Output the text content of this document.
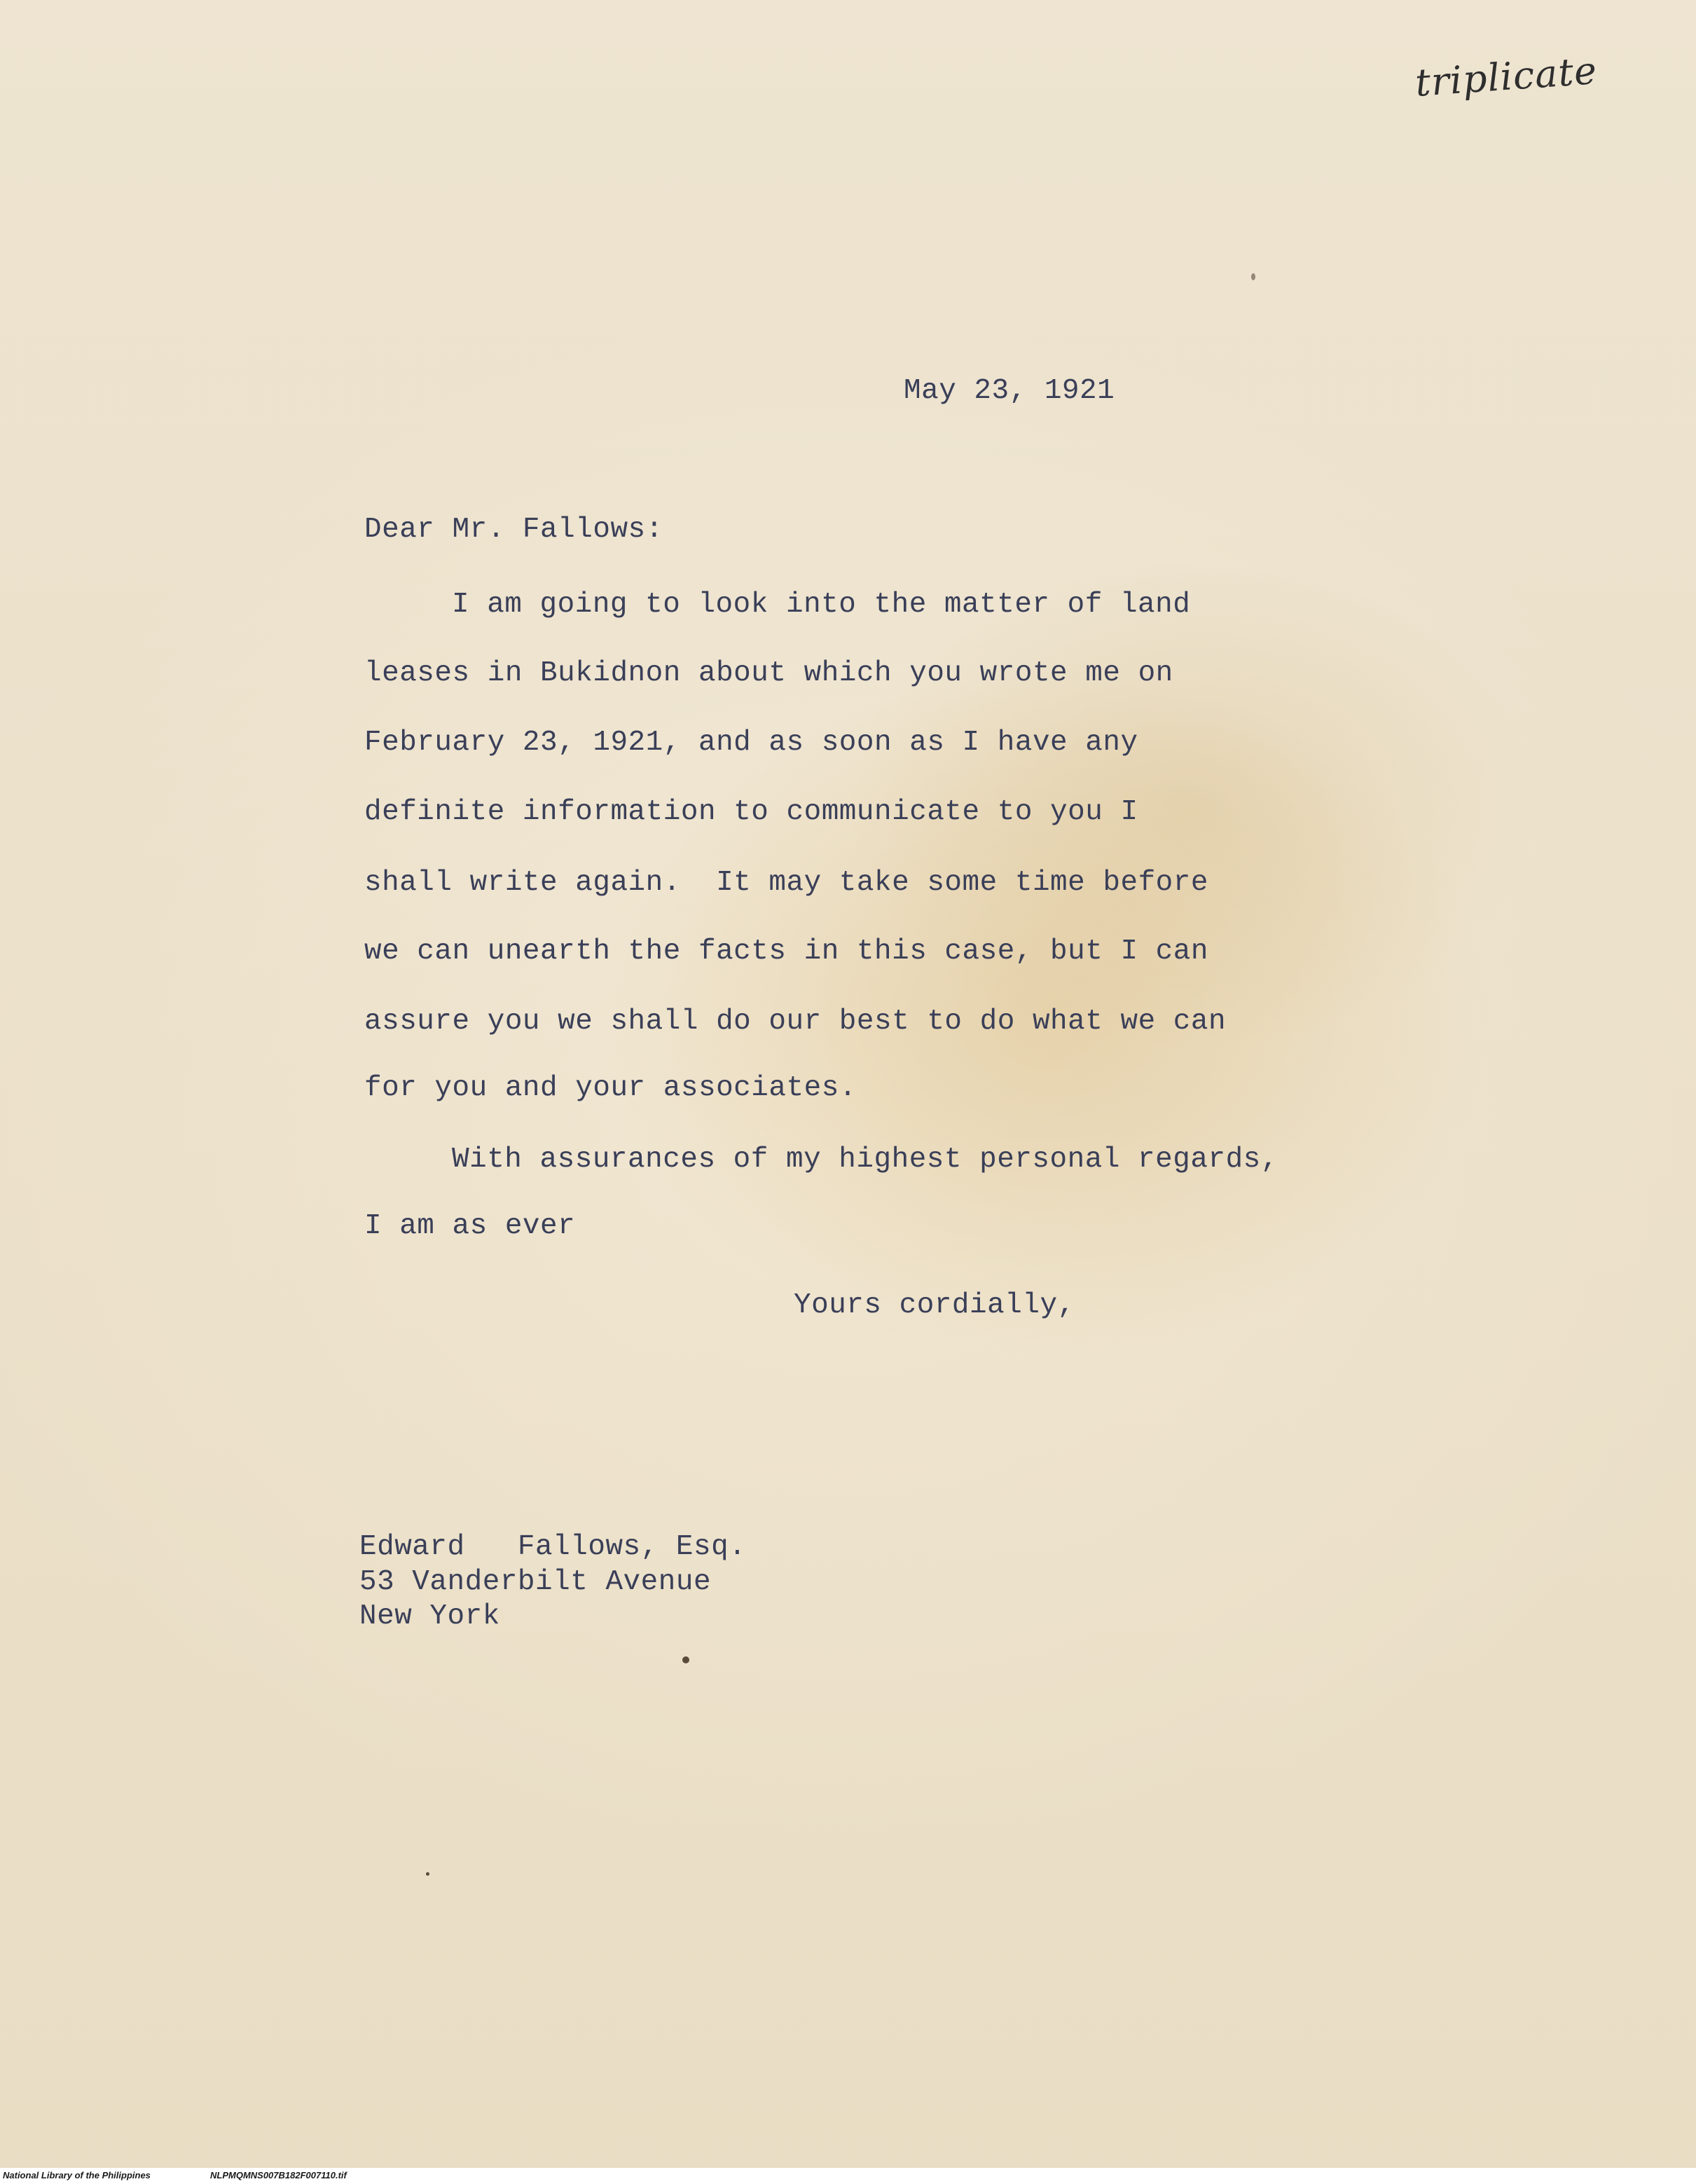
triplicate
May 23, 1921
Dear Mr. Fallows:
I am going to look into the matter of land
leases in Bukidnon about which you wrote me on
February 23, 1921, and as soon as I have any
definite information to communicate to you I
shall write again.  It may take some time before
we can unearth the facts in this case, but I can
assure you we shall do our best to do what we can
for you and your associates.
With assurances of my highest personal regards,
I am as ever
Yours cordially,
Edward   Fallows, Esq.
53 Vanderbilt Avenue
New York
National Library of the Philippines	NLPMQMNS007B182F007110.tif
